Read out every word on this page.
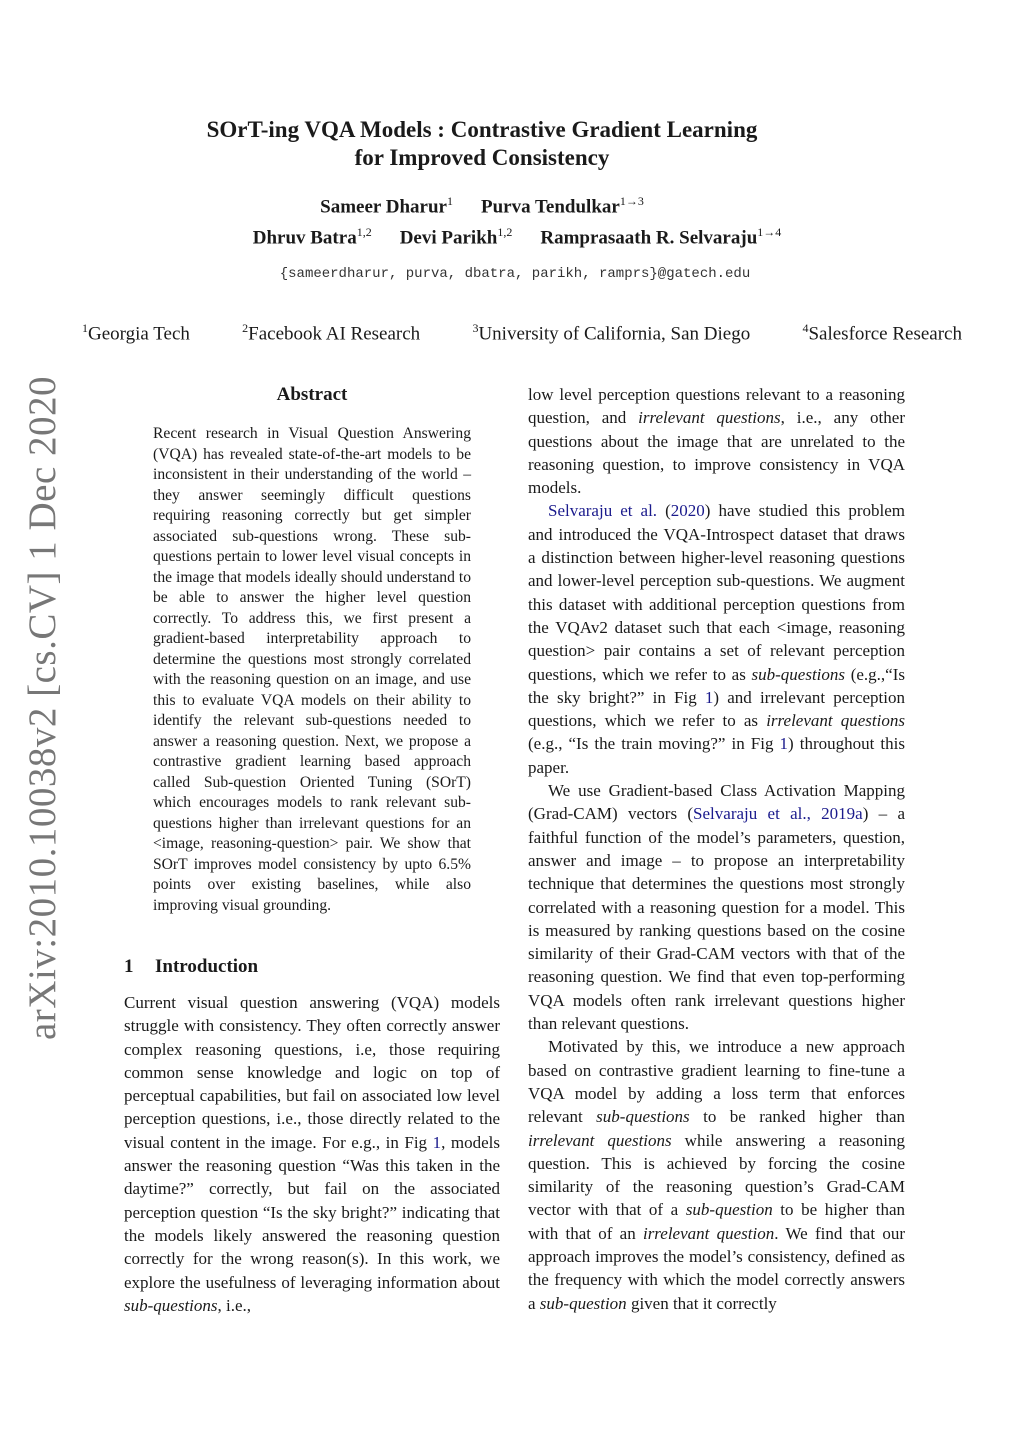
arXiv:2010.10038v2 [cs.CV] 1 Dec 2020
SOrT-ing VQA Models : Contrastive Gradient Learning
for Improved Consistency
Sameer Dharur$^1$ Purva Tendulkar$^{1\to 3}$
Dhruv Batra$^{1,2}$ Devi Parikh$^{1,2}$ Ramprasaath R. Selvaraju$^{1\to 4}$
{sameerdharur, purva, dbatra, parikh, ramprs}@gatech.edu
$^1$Georgia Tech	$^2$Facebook AI Research	$^3$University of California, San Diego	$^4$Salesforce Research
Abstract
Recent research in Visual Question Answering (VQA) has revealed state-of-the-art models to be inconsistent in their understanding of the world – they answer seemingly difficult questions requiring reasoning correctly but get simpler associated sub-questions wrong. These sub-questions pertain to lower level visual concepts in the image that models ideally should understand to be able to answer the higher level question correctly. To address this, we first present a gradient-based interpretability approach to determine the questions most strongly correlated with the reasoning question on an image, and use this to evaluate VQA models on their ability to identify the relevant sub-questions needed to answer a reasoning question. Next, we propose a contrastive gradient learning based approach called Sub-question Oriented Tuning (SOrT) which encourages models to rank relevant sub-questions higher than irrelevant questions for an <image, reasoning-question> pair. We show that SOrT improves model consistency by upto 6.5% points over existing baselines, while also improving visual grounding.
1 Introduction

Current visual question answering (VQA) models struggle with consistency. They often correctly answer complex reasoning questions, i.e, those requiring common sense knowledge and logic on top of perceptual capabilities, but fail on associated low level perception questions, i.e., those directly related to the visual content in the image. For e.g., in Fig 1, models answer the reasoning question “Was this taken in the daytime?” correctly, but fail on the associated perception question “Is the sky bright?” indicating that the models likely answered the reasoning question correctly for the wrong reason(s). In this work, we explore the usefulness of leveraging information about sub-questions, i.e.,

low level perception questions relevant to a reasoning question, and irrelevant questions, i.e., any other questions about the image that are unrelated to the reasoning question, to improve consistency in VQA models.

Selvaraju et al. (2020) have studied this problem and introduced the VQA-Introspect dataset that draws a distinction between higher-level reasoning questions and lower-level perception sub-questions. We augment this dataset with additional perception questions from the VQAv2 dataset such that each <image, reasoning question> pair contains a set of relevant perception questions, which we refer to as sub-questions (e.g.,“Is the sky bright?” in Fig 1) and irrelevant perception questions, which we refer to as irrelevant questions (e.g., “Is the train moving?” in Fig 1) throughout this paper.

We use Gradient-based Class Activation Mapping (Grad-CAM) vectors (Selvaraju et al., 2019a) – a faithful function of the model’s parameters, question, answer and image – to propose an interpretability technique that determines the questions most strongly correlated with a reasoning question for a model. This is measured by ranking questions based on the cosine similarity of their Grad-CAM vectors with that of the reasoning question. We find that even top-performing VQA models often rank irrelevant questions higher than relevant questions.

Motivated by this, we introduce a new approach based on contrastive gradient learning to fine-tune a VQA model by adding a loss term that enforces relevant sub-questions to be ranked higher than irrelevant questions while answering a reasoning question. This is achieved by forcing the cosine similarity of the reasoning question’s Grad-CAM vector with that of a sub-question to be higher than with that of an irrelevant question. We find that our approach improves the model’s consistency, defined as the frequency with which the model correctly answers a sub-question given that it correctly
